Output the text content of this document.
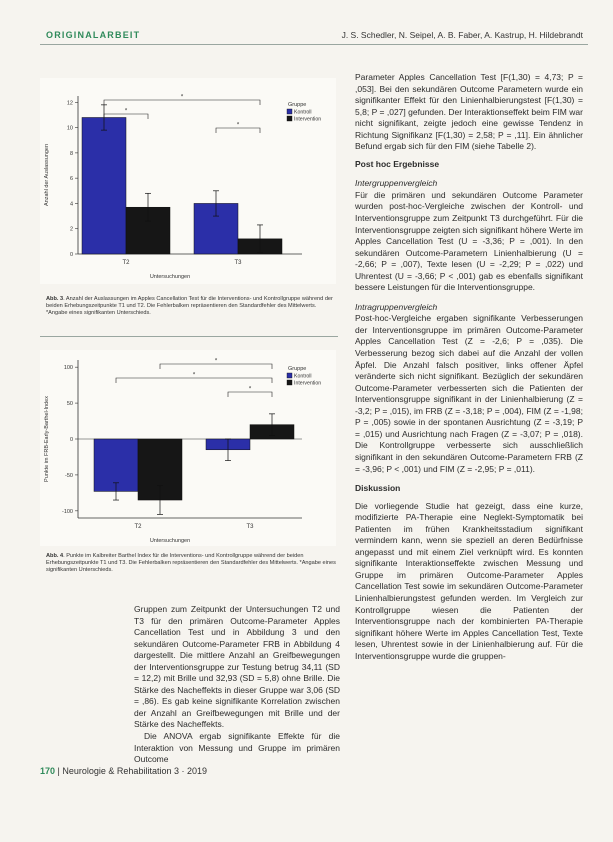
ORIGINALARBEIT	J. S. Schedler, N. Seipel, A. B. Faber, A. Kastrup, H. Hildebrandt
0
2
4
6
8
10
12
Anzahl der Auslassungen
Untersuchungen
T2	T3
*
*
*
Gruppe
Kontroll
Intervention
Abb. 3. Anzahl der Auslassungen im Apples Cancellation Test für die Interventions- und Kontrollgruppe während der beiden Erhebungszeitpunkte T1 und T2. Die Fehlerbalken repräsentieren den Standardfehler des Mittelwerts. *Angabe eines signifikanten Unterschieds.
100
50
0
-50
-100
Punkte im FRB-Early-Barthel-Index
Untersuchungen
T2	T3
*
*
*
Gruppe
Kontroll
Intervention
Abb. 4. Punkte im Kalbreiter Barthel Index für die Interventions- und Kontrollgruppe während der beiden Erhebungszeitpunkte T1 und T3. Die Fehlerbalken repräsentieren den Standardfehler des Mittelwerts. *Angabe eines signifikanten Unterschieds.

Gruppen zum Zeitpunkt der Untersuchungen T2 und T3 für den primären Outcome-Parameter Apples Cancellation Test und in Abbildung 3 und den sekundären Outcome-Parameter FRB in Abbildung 4 dargestellt. Die mittlere Anzahl an Greifbewegungen der Interventionsgruppe zur Testung betrug 34,11 (SD = 12,2) mit Brille und 32,93 (SD = 5,8) ohne Brille. Die Stärke des Nacheffekts in dieser Gruppe war 3,06 (SD = ,86). Es gab keine signifikante Korrelation zwischen der Anzahl an Greifbewegungen mit Brille und der Stärke des Nacheffekts.

Die ANOVA ergab signifikante Effekte für die Interaktion von Messung und Gruppe im primären Outcome

Parameter Apples Cancellation Test [F(1,30) = 4,73; P = ,053]. Bei den sekundären Outcome Parametern wurde ein signifikanter Effekt für den Linienhalbierungstest [F(1,30) = 5,8; P = ,027] gefunden. Der Interaktionseffekt beim FIM war nicht signifikant, zeigte jedoch eine gewisse Tendenz in Richtung Signifikanz [F(1,30) = 2,58; P = ,11]. Ein ähnlicher Befund ergab sich für den FIM (siehe Tabelle 2).

Post hoc Ergebnisse
Intergruppenvergleich

Für die primären und sekundären Outcome Parameter wurden post-hoc-Vergleiche zwischen der Kontroll- und Interventionsgruppe zum Zeitpunkt T3 durchgeführt. Für die Interventionsgruppe zeigten sich signifikant höhere Werte im Apples Cancellation Test (U = -3,36; P = ,001). In den sekundären Outcome-Parametern Linienhalbierung (U = -2,66; P = ,007), Texte lesen (U = -2,29; P = ,022) und Uhrentest (U = -3,66; P < ,001) gab es ebenfalls signifikant bessere Leistungen für die Interventionsgruppe.

Intragruppenvergleich

Post-hoc-Vergleiche ergaben signifikante Verbesserungen der Interventionsgruppe im primären Outcome-Parameter Apples Cancellation Test (Z = -2,6; P = ,035). Die Verbesserung bezog sich dabei auf die Anzahl der vollen Äpfel. Die Anzahl falsch positiver, links offener Äpfel veränderte sich nicht signifikant. Bezüglich der sekundären Outcome-Parameter verbesserten sich die Patienten der Interventionsgruppe signifikant in der Linienhalbierung (Z = -3,2; P = ,015), im FRB (Z = -3,18; P = ,004), FIM (Z = -1,98; P = ,005) sowie in der spontanen Ausrichtung (Z = -3,19; P = ,015) und Ausrichtung nach Fragen (Z = -3,07; P = ,018). Die Kontrollgruppe verbesserte sich ausschließlich signifikant in den sekundären Outcome-Parametern FRB (Z = -3,96; P < ,001) und FIM (Z = -2,95; P = ,011).

Diskussion

Die vorliegende Studie hat gezeigt, dass eine kurze, modifizierte PA-Therapie eine Neglekt-Symptomatik bei Patienten im frühen Krankheitsstadium signifikant vermindern kann, wenn sie speziell an deren Bedürfnisse angepasst und mit einem Ziel verknüpft wird. Es konnten signifikante Interaktionseffekte zwischen Messung und Gruppe im primären Outcome-Parameter Apples Cancellation Test sowie im sekundären Outcome-Parameter Linienhalbierungstest gefunden werden. Im Vergleich zur Kontrollgruppe wiesen die Patienten der Interventionsgruppe nach der kombinierten PA-Therapie signifikant höhere Werte im Apples Cancellation Test, Texte lesen, Uhrentest sowie in der Linienhalbierung auf. Für die Interventionsgruppe wurde die gruppen-

170 | Neurologie & Rehabilitation 3 · 2019
